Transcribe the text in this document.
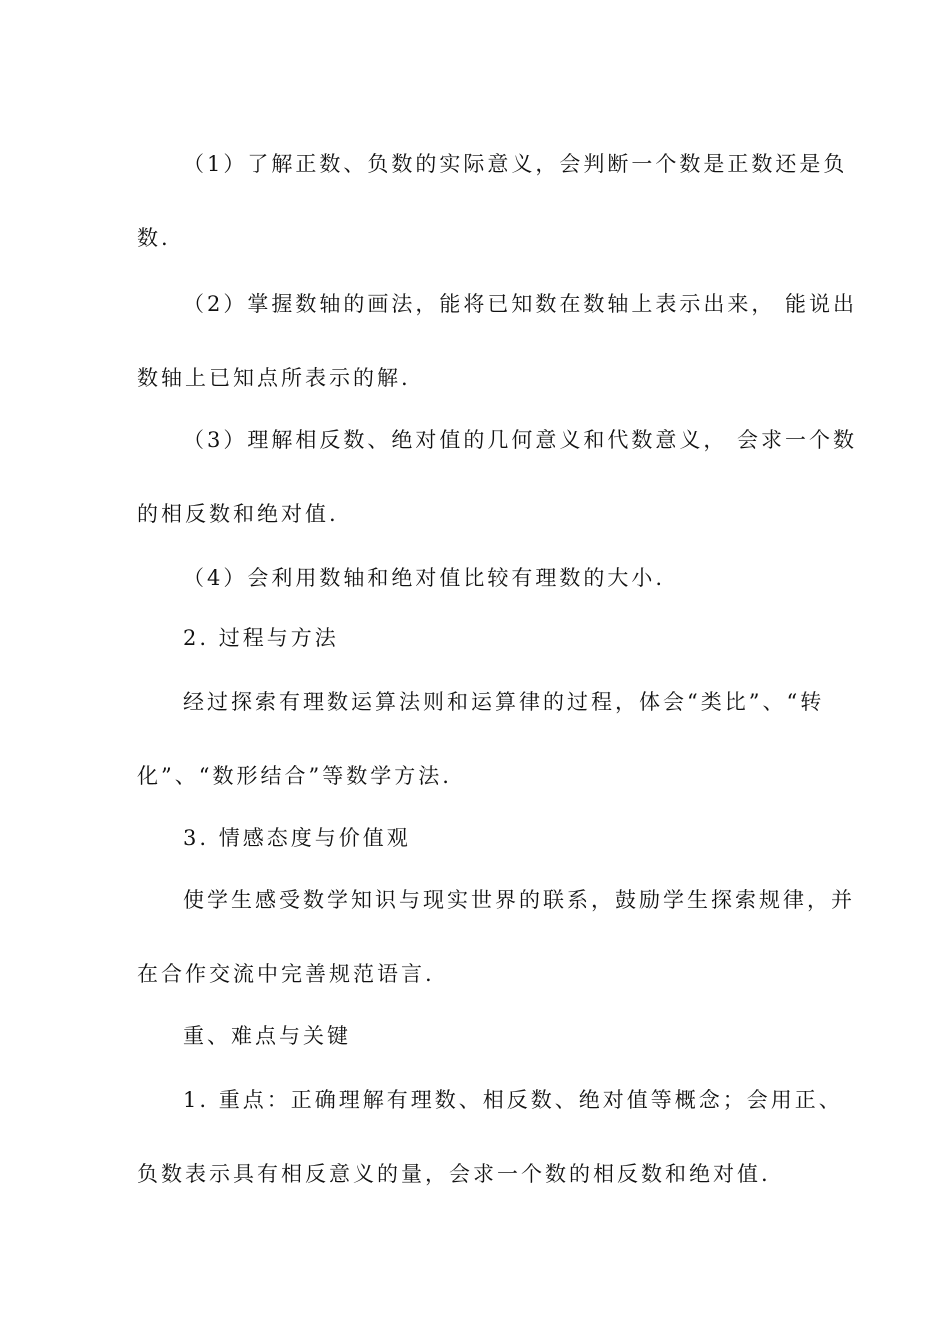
（1）了解正数、负数的实际意义，会判断一个数是正数还是负
数.
（2）掌握数轴的画法，能将已知数在数轴上表示出来， 能说出
数轴上已知点所表示的解.
（3）理解相反数、绝对值的几何意义和代数意义， 会求一个数
的相反数和绝对值.
（4）会利用数轴和绝对值比较有理数的大小.
2. 过程与方法
经过探索有理数运算法则和运算律的过程，体会“类比”、“转
化”、“数形结合”等数学方法.
3. 情感态度与价值观
使学生感受数学知识与现实世界的联系，鼓励学生探索规律，并
在合作交流中完善规范语言.
重、难点与关键
1. 重点：正确理解有理数、相反数、绝对值等概念；会用正、
负数表示具有相反意义的量，会求一个数的相反数和绝对值.
